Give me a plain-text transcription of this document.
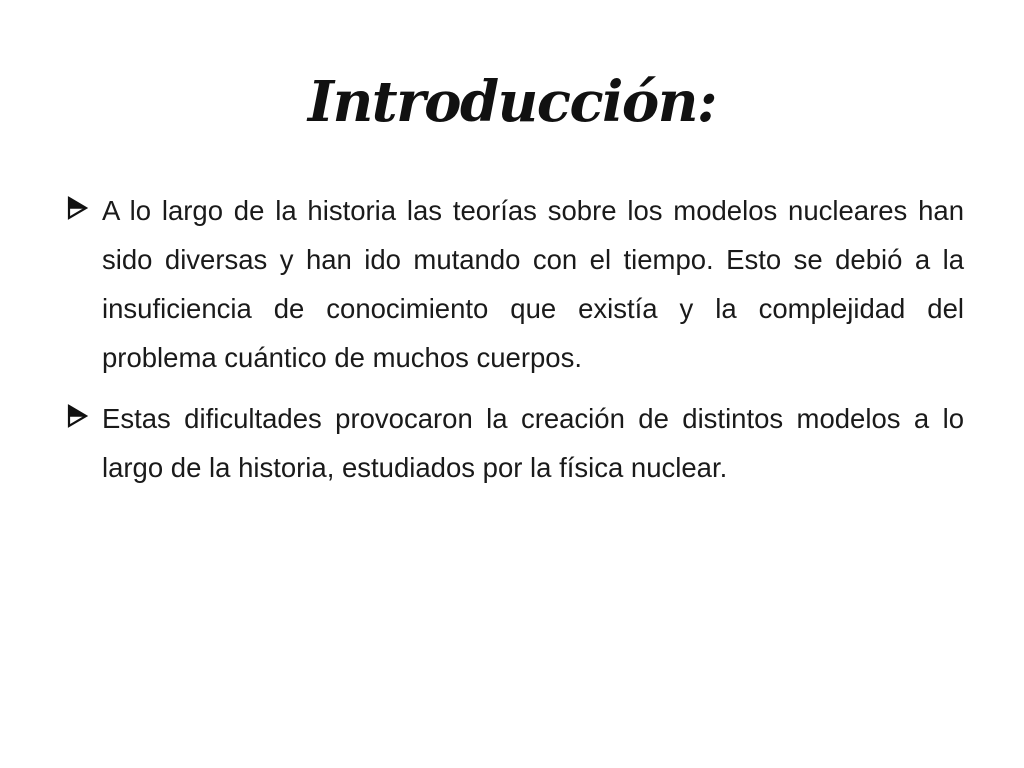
Introducción:
A lo largo de la historia las teorías sobre los modelos nucleares han sido diversas y han ido mutando con el tiempo. Esto se debió a la insuficiencia de conocimiento que existía y la complejidad del problema cuántico de muchos cuerpos.
Estas dificultades provocaron la creación de distintos modelos a lo largo de la historia, estudiados por la física nuclear.
